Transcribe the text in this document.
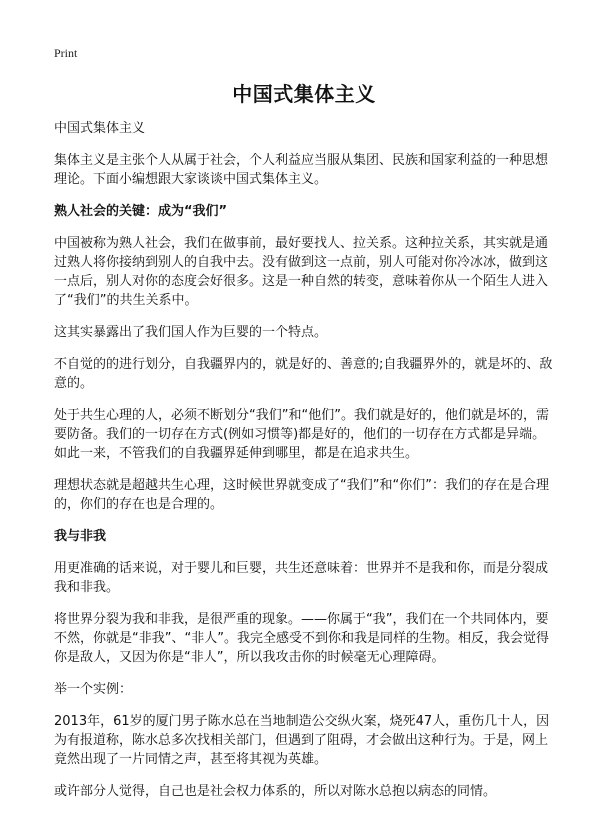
Print
中国式集体主义
中国式集体主义
集体主义是主张个人从属于社会，个人利益应当服从集团、民族和国家利益的一种思想理论。下面小编想跟大家谈谈中国式集体主义。
熟人社会的关键：成为“我们”
中国被称为熟人社会，我们在做事前，最好要找人、拉关系。这种拉关系，其实就是通过熟人将你接纳到别人的自我中去。没有做到这一点前，别人可能对你冷冰冰，做到这一点后，别人对你的态度会好很多。这是一种自然的转变，意味着你从一个陌生人进入了“我们”的共生关系中。
这其实暴露出了我们国人作为巨婴的一个特点。
不自觉的的进行划分，自我疆界内的，就是好的、善意的;自我疆界外的，就是坏的、敌意的。
处于共生心理的人，必须不断划分“我们”和“他们”。我们就是好的，他们就是坏的，需要防备。我们的一切存在方式(例如习惯等)都是好的，他们的一切存在方式都是异端。如此一来，不管我们的自我疆界延伸到哪里，都是在追求共生。
理想状态就是超越共生心理，这时候世界就变成了“我们”和“你们”：我们的存在是合理的，你们的存在也是合理的。
我与非我
用更准确的话来说，对于婴儿和巨婴，共生还意味着：世界并不是我和你，而是分裂成我和非我。
将世界分裂为我和非我，是很严重的现象。——你属于“我”，我们在一个共同体内，要不然，你就是“非我”、“非人”。我完全感受不到你和我是同样的生物。相反，我会觉得你是敌人，又因为你是“非人”，所以我攻击你的时候毫无心理障碍。
举一个实例：
2013年，61岁的厦门男子陈水总在当地制造公交纵火案，烧死47人，重伤几十人，因为有报道称，陈水总多次找相关部门，但遇到了阻碍，才会做出这种行为。于是，网上竟然出现了一片同情之声，甚至将其视为英雄。
或许部分人觉得，自己也是社会权力体系的，所以对陈水总抱以病态的同情。
